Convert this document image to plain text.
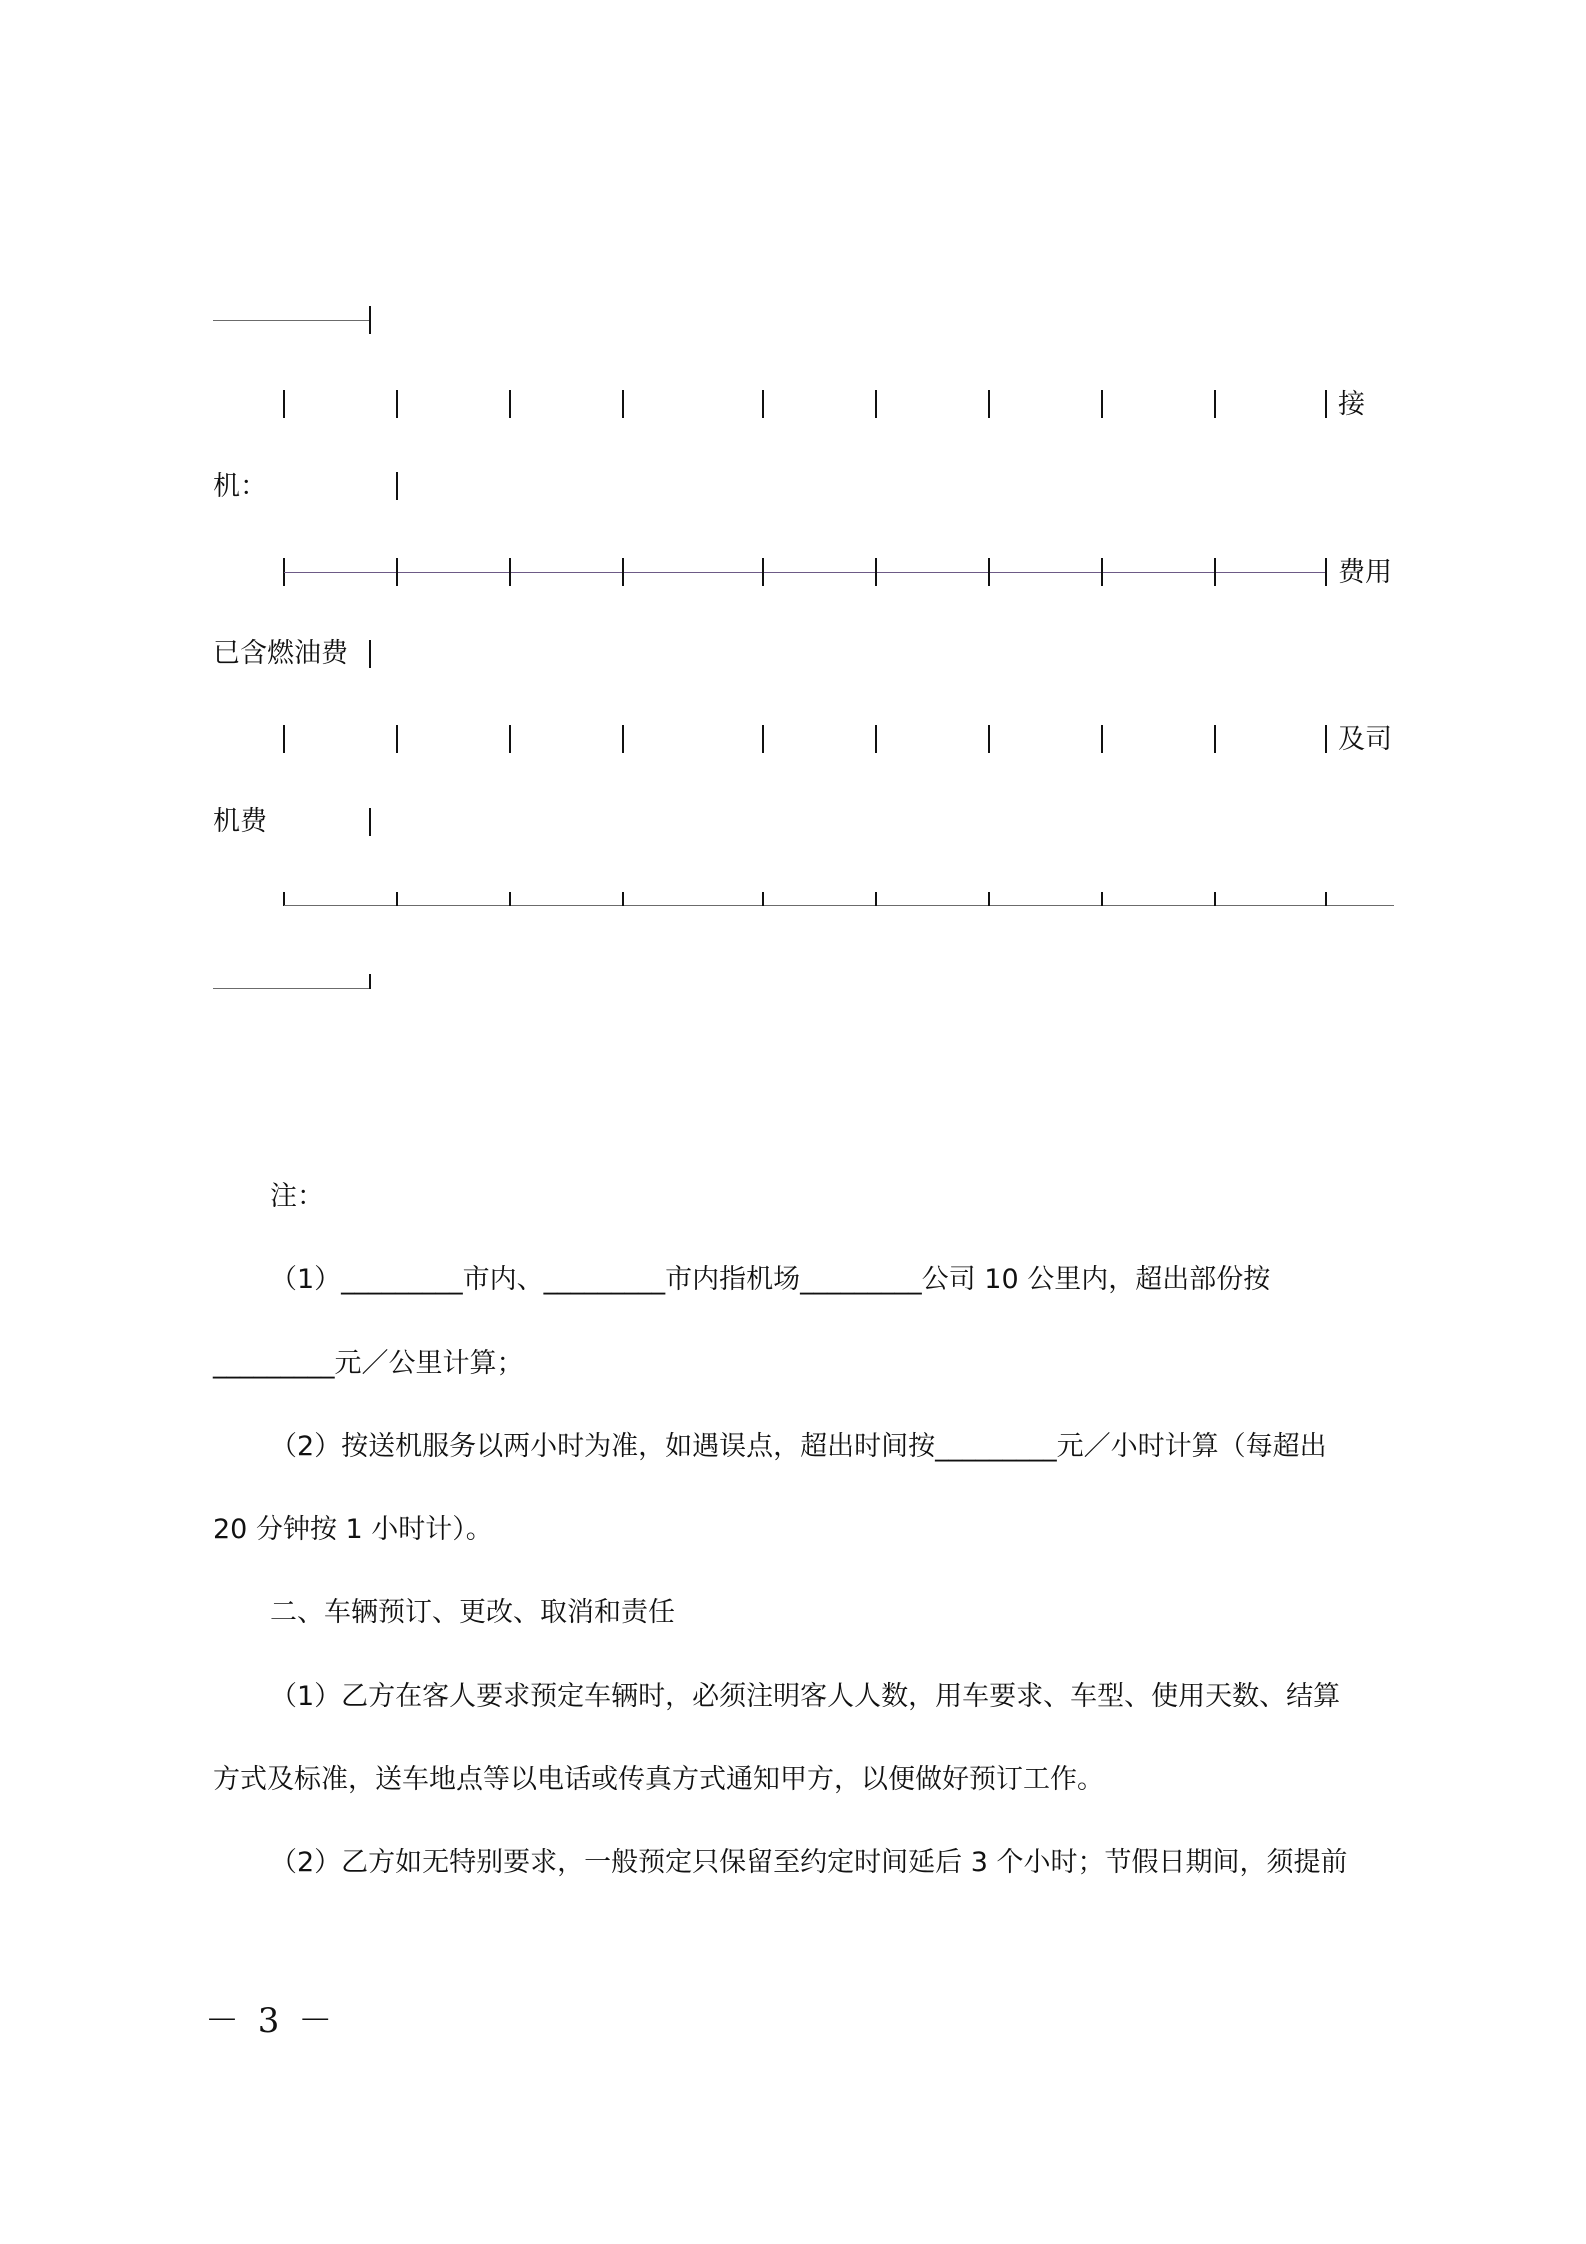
接
机：
费用
已含燃油费
及司
机费
注：
（1）_________市内、_________市内指机场_________公司 10 公里内，超出部份按
_________元／公里计算；
（2）按送机服务以两小时为准，如遇误点，超出时间按_________元／小时计算（每超出
20 分钟按 1 小时计）。
二、车辆预订、更改、取消和责任
（1）乙方在客人要求预定车辆时，必须注明客人人数，用车要求、车型、使用天数、结算
方式及标准，送车地点等以电话或传真方式通知甲方，以便做好预订工作。
（2）乙方如无特别要求，一般预定只保留至约定时间延后 3 个小时；节假日期间，须提前
－ 3 －
